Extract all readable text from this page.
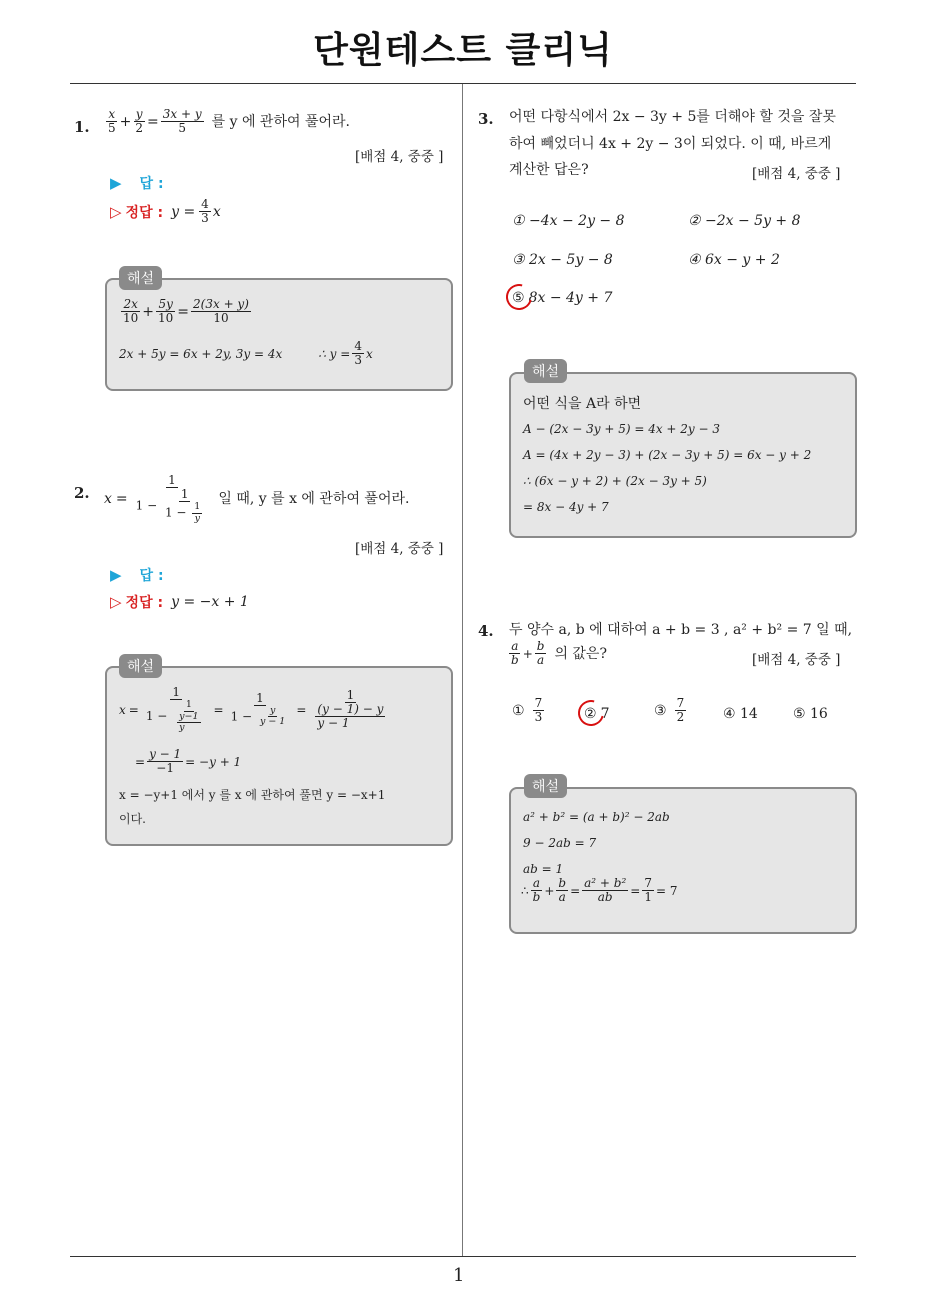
단원테스트 클리닉
1
1. $\frac{x}{5} + \frac{y}{2} = \frac{3x + y}{5}$ 를 y 에 관하여 풀어라.
[배점 4, 중중 ]
▶ 답 :
▷ 정답 : $y = \frac{4}{3}$ x
$\frac{2x}{10} + \frac{5y}{10} = \frac{2(3x + y)}{10}$
2x + 5y = 6x + 2y, 3y = 4x	∴ $y = \frac{4}{3}$ x
해설
2. $x = \frac{1}{1 - \frac{1}{1 - \frac{1}{y}}}$ 일 때, y 를 x 에 관하여 풀어라.
[배점 4, 중중 ]
▶ 답 :
▷ 정답 : y = −x + 1
$x = \frac{1}{1 - \frac{1}{\frac{y-1}{y}}} = \frac{1}{1 - \frac{y}{y - 1}} = \frac{1}{\frac{(y - 1) - y}{y - 1}}$
= $\frac{y - 1}{-1} = -y + 1$
x = −y+1 에서 y 를 x 에 관하여 풀면 y = −x+1
이다.
해설
3. 어떤 다항식에서 2x − 3y + 5를 더해야 할 것을 잘못
하여 빼었더니 4x + 2y − 3이 되었다. 이 때, 바르게
계산한 답은?	[배점 4, 중중 ]
① −4x − 2y − 8	② −2x − 5y + 8
③ 2x − 5y − 8	④ 6x − y + 2
⑤ 8x − 4y + 7
어떤 식을 A라 하면
A − (2x − 3y + 5) = 4x + 2y − 3
A = (4x + 2y − 3) + (2x − 3y + 5) = 6x − y + 2
∴ (6x − y + 2) + (2x − 3y + 5)
= 8x − 4y + 7
해설
4. 두 양수 a, b 에 대하여 a + b = 3 , a² + b² = 7 일 때,
$\frac{a}{b} + \frac{b}{a}$ 의 값은?	[배점 4, 중중 ]
① $\frac{7}{3}$	② 7	③ $\frac{7}{2}$	④ 14	⑤ 16
a² + b² = (a + b)² − 2ab
9 − 2ab = 7
ab = 1
∴ $\frac{a}{b} + \frac{b}{a} = \frac{\text{a² + b²}}{ab} = \frac{7}{1} = 7$
해설
